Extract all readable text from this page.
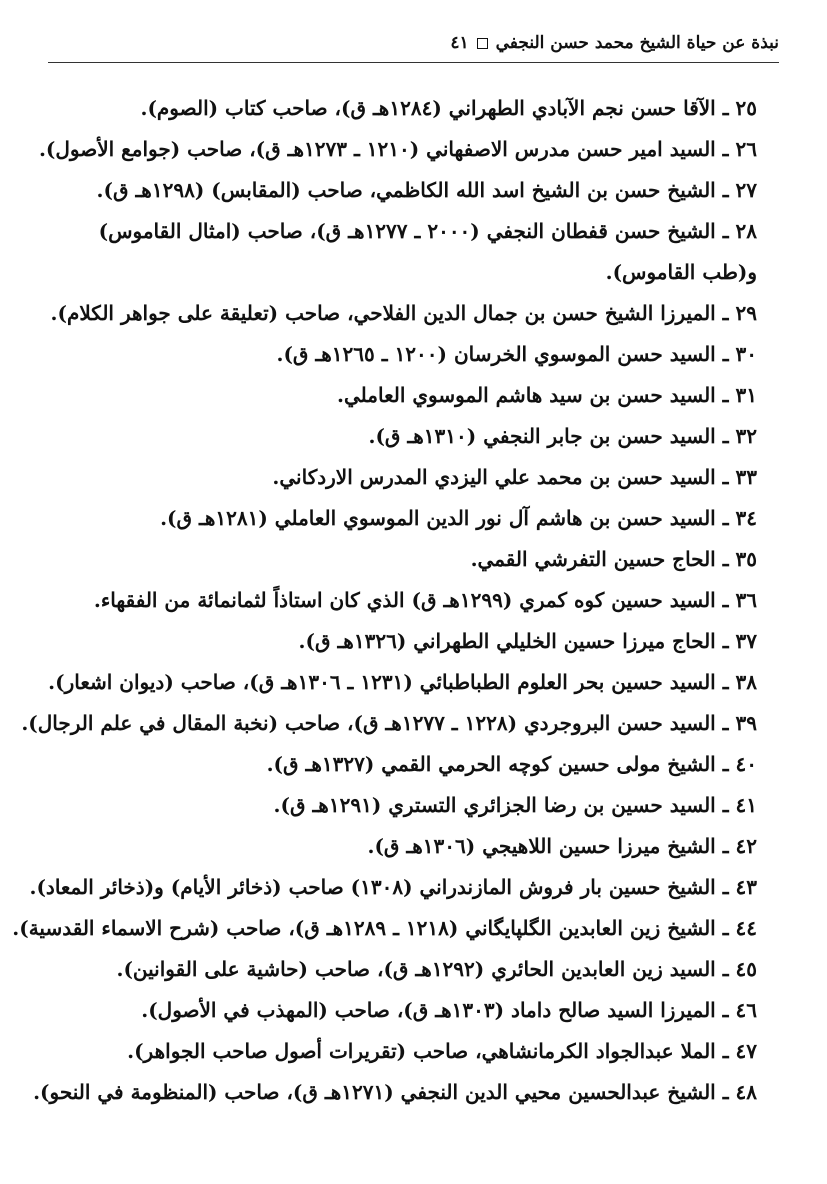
نبذة عن حياة الشيخ محمد حسن النجفي
٤١
٢٥ ـ الآقا حسن نجم الآبادي الطهراني (١٢٨٤هـ ق)، صاحب كتاب (الصوم).
٢٦ ـ السيد امير حسن مدرس الاصفهاني (١٢١٠ ـ ١٢٧٣هـ ق)، صاحب (جوامع الأصول).
٢٧ ـ الشيخ حسن بن الشيخ اسد الله الكاظمي، صاحب (المقابس) (١٢٩٨هـ ق).
٢٨ ـ الشيخ حسن قفطان النجفي (٢٠٠٠ ـ ١٢٧٧هـ ق)، صاحب (امثال القاموس) و(طب القاموس).
٢٩ ـ الميرزا الشيخ حسن بن جمال الدين الفلاحي، صاحب (تعليقة على جواهر الكلام).
٣٠ ـ السيد حسن الموسوي الخرسان (١٢٠٠ ـ ١٢٦٥هـ ق).
٣١ ـ السيد حسن بن سيد هاشم الموسوي العاملي.
٣٢ ـ السيد حسن بن جابر النجفي (١٣١٠هـ ق).
٣٣ ـ السيد حسن بن محمد علي اليزدي المدرس الاردكاني.
٣٤ ـ السيد حسن بن هاشم آل نور الدين الموسوي العاملي (١٢٨١هـ ق).
٣٥ ـ الحاج حسين التفرشي القمي.
٣٦ ـ السيد حسين كوه كمري (١٢٩٩هـ ق) الذي كان استاذاً لثمانمائة من الفقهاء.
٣٧ ـ الحاج ميرزا حسين الخليلي الطهراني (١٣٢٦هـ ق).
٣٨ ـ السيد حسين بحر العلوم الطباطبائي (١٢٣١ ـ ١٣٠٦هـ ق)، صاحب (ديوان اشعار).
٣٩ ـ السيد حسن البروجردي (١٢٢٨ ـ ١٢٧٧هـ ق)، صاحب (نخبة المقال في علم الرجال).
٤٠ ـ الشيخ مولى حسين كوچه الحرمي القمي (١٣٢٧هـ ق).
٤١ ـ السيد حسين بن رضا الجزائري التستري (١٢٩١هـ ق).
٤٢ ـ الشيخ ميرزا حسين اللاهيجي (١٣٠٦هـ ق).
٤٣ ـ الشيخ حسين بار فروش المازندراني (١٣٠٨) صاحب (ذخائر الأيام) و(ذخائر المعاد).
٤٤ ـ الشيخ زين العابدين الگلپايگاني (١٢١٨ ـ ١٢٨٩هـ ق)، صاحب (شرح الاسماء القدسية).
٤٥ ـ السيد زين العابدين الحائري (١٢٩٢هـ ق)، صاحب (حاشية على القوانين).
٤٦ ـ الميرزا السيد صالح داماد (١٣٠٣هـ ق)، صاحب (المهذب في الأصول).
٤٧ ـ الملا عبدالجواد الكرمانشاهي، صاحب (تقريرات أصول صاحب الجواهر).
٤٨ ـ الشيخ عبدالحسين محيي الدين النجفي (١٢٧١هـ ق)، صاحب (المنظومة في النحو).
